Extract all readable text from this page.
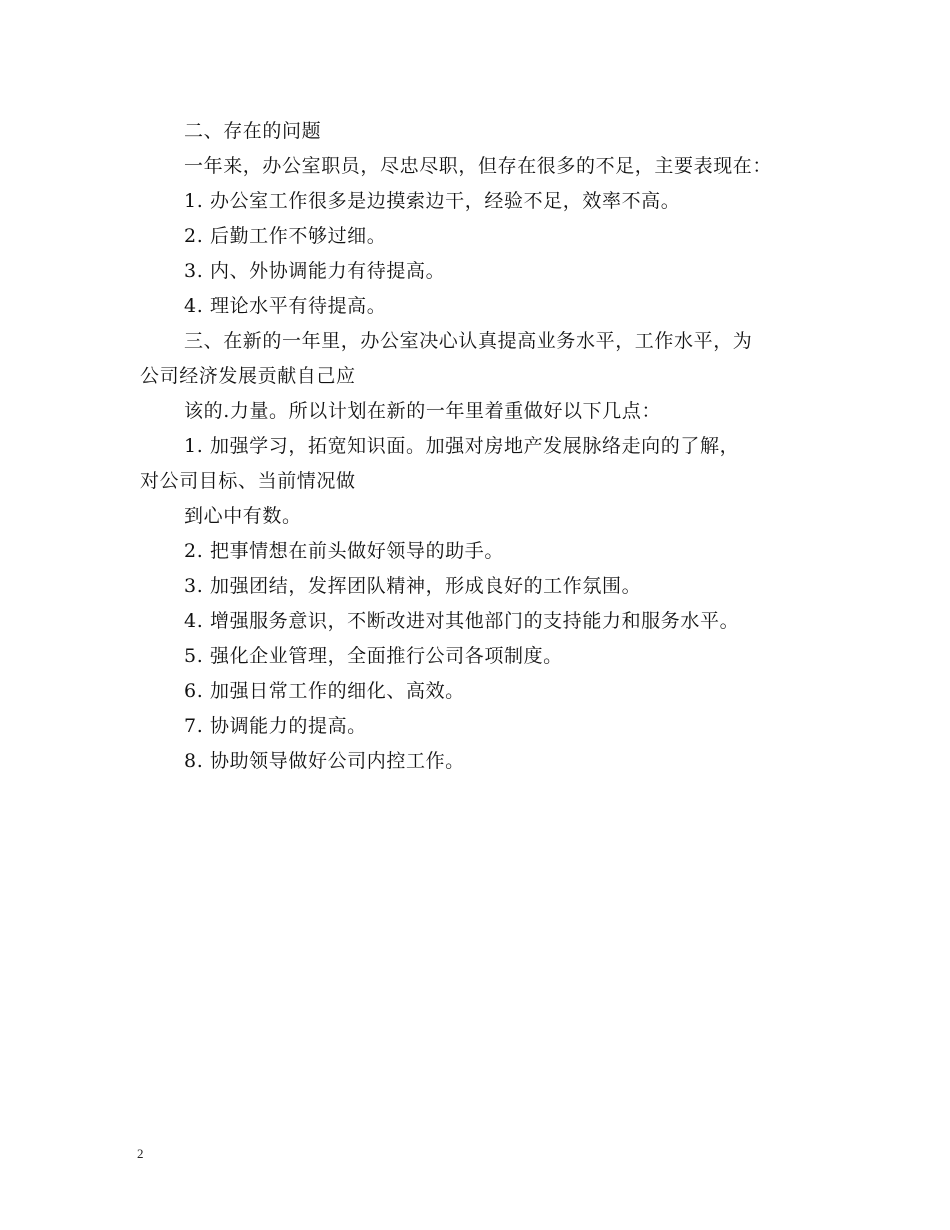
二、存在的问题
一年来，办公室职员，尽忠尽职，但存在很多的不足，主要表现在：
1. 办公室工作很多是边摸索边干，经验不足，效率不高。
2. 后勤工作不够过细。
3. 内、外协调能力有待提高。
4. 理论水平有待提高。
三、在新的一年里，办公室决心认真提高业务水平，工作水平，为
公司经济发展贡献自己应
该的.力量。所以计划在新的一年里着重做好以下几点：
1. 加强学习，拓宽知识面。加强对房地产发展脉络走向的了解，
对公司目标、当前情况做
到心中有数。
2. 把事情想在前头做好领导的助手。
3. 加强团结，发挥团队精神，形成良好的工作氛围。
4. 增强服务意识，不断改进对其他部门的支持能力和服务水平。
5. 强化企业管理，全面推行公司各项制度。
6. 加强日常工作的细化、高效。
7. 协调能力的提高。
8. 协助领导做好公司内控工作。
2
